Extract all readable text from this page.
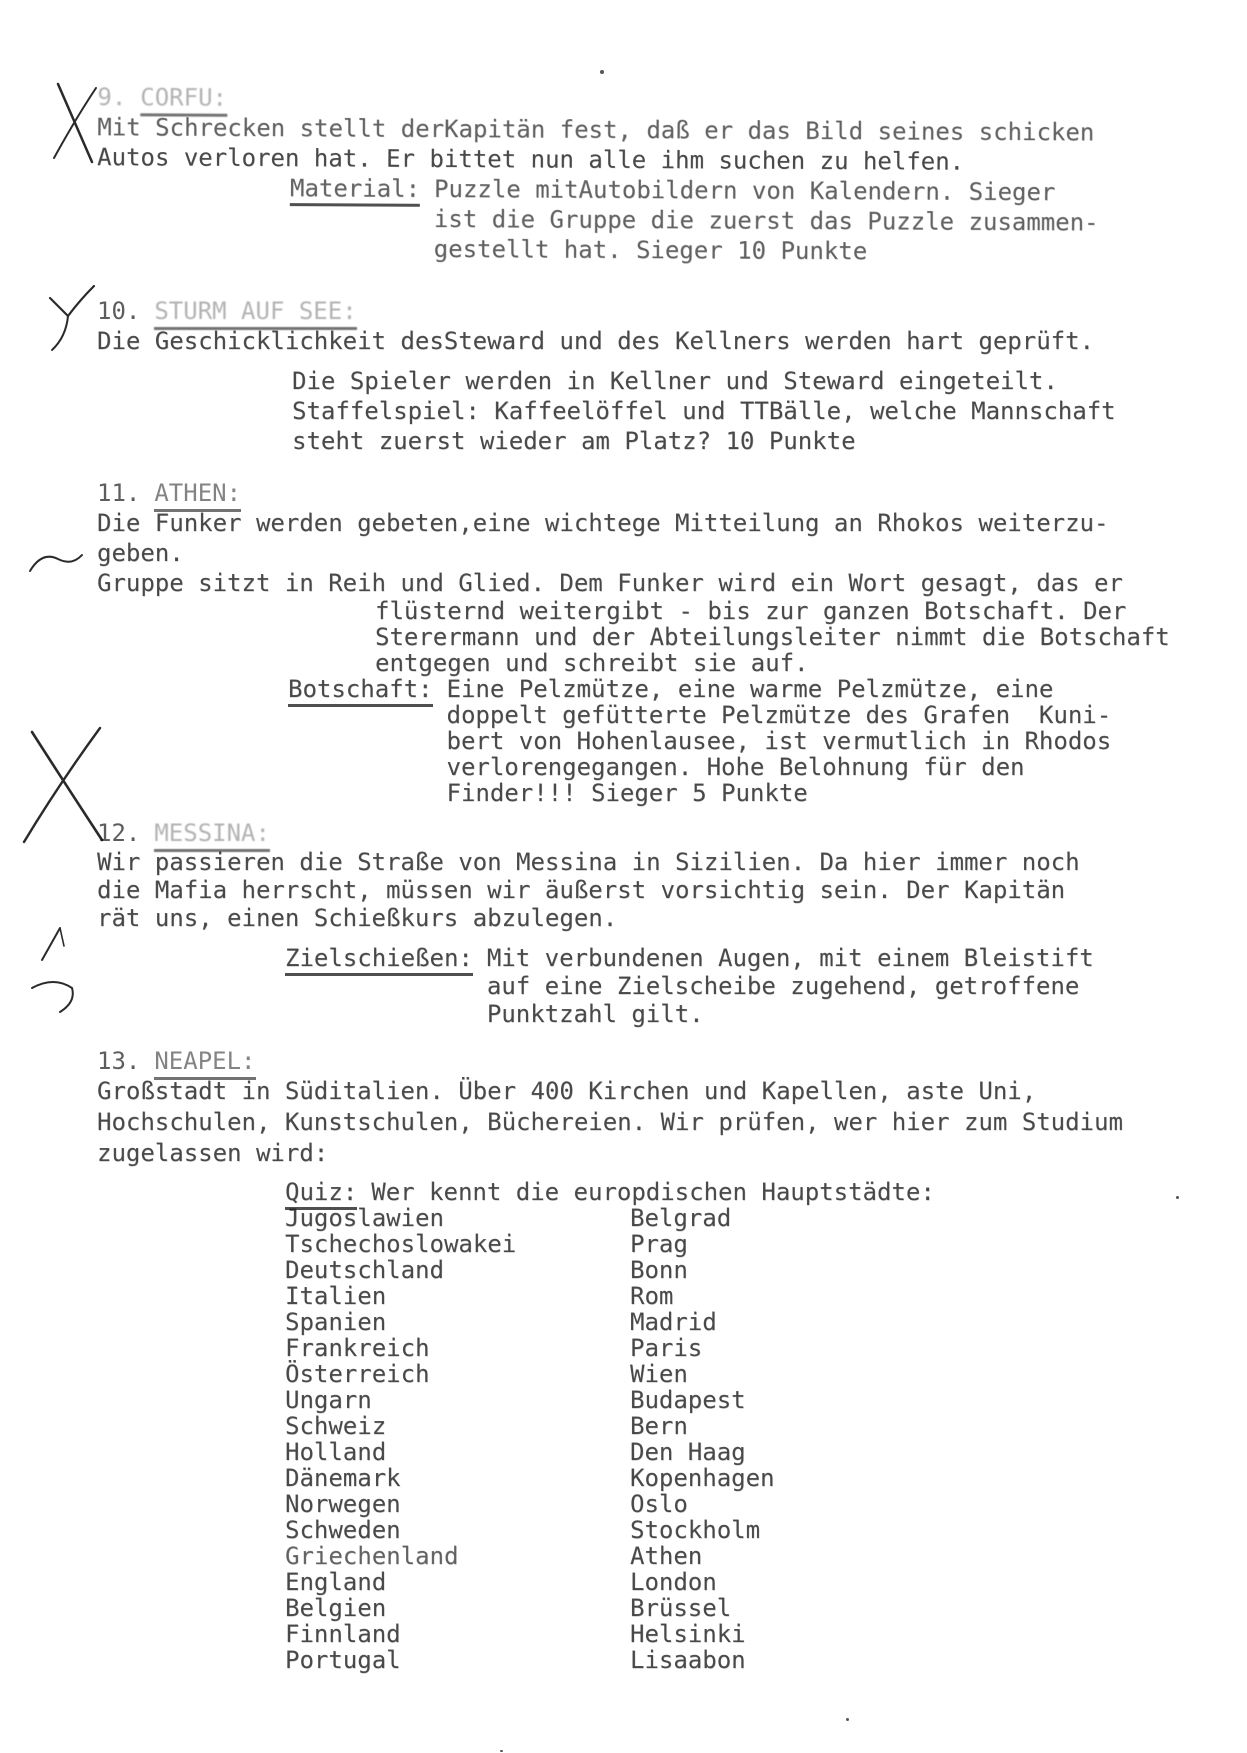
9. CORFU:
Mit Schrecken stellt derKapitän fest, daß er das Bild seines schicken
Autos verloren hat. Er bittet nun alle ihm suchen zu helfen.
Material: Puzzle mitAutobildern von Kalendern. Sieger
ist die Gruppe die zuerst das Puzzle zusammen-
gestellt hat. Sieger 10 Punkte
10. STURM AUF SEE:
Die Geschicklichkeit desSteward und des Kellners werden hart geprüft.
Die Spieler werden in Kellner und Steward eingeteilt.
Staffelspiel: Kaffeelöffel und TTBälle, welche Mannschaft
steht zuerst wieder am Platz? 10 Punkte
11. ATHEN:
Die Funker werden gebeten,eine wichtege Mitteilung an Rhokos weiterzu-
geben.
Gruppe sitzt in Reih und Glied. Dem Funker wird ein Wort gesagt, das er
flüsternd weitergibt - bis zur ganzen Botschaft. Der
Sterermann und der Abteilungsleiter nimmt die Botschaft
entgegen und schreibt sie auf.
Botschaft: Eine Pelzmütze, eine warme Pelzmütze, eine
doppelt gefütterte Pelzmütze des Grafen  Kuni-
bert von Hohenlausee, ist vermutlich in Rhodos
verlorengegangen. Hohe Belohnung für den
Finder!!! Sieger 5 Punkte
12. MESSINA:
Wir passieren die Straße von Messina in Sizilien. Da hier immer noch
die Mafia herrscht, müssen wir äußerst vorsichtig sein. Der Kapitän
rät uns, einen Schießkurs abzulegen.
Zielschießen: Mit verbundenen Augen, mit einem Bleistift
auf eine Zielscheibe zugehend, getroffene
Punktzahl gilt.
13. NEAPEL:
Großstadt in Süditalien. Über 400 Kirchen und Kapellen, aste Uni,
Hochschulen, Kunstschulen, Büchereien. Wir prüfen, wer hier zum Studium
zugelassen wird:
Quiz: Wer kennt die europdischen Hauptstädte:
Jugoslawien	Belgrad
Tschechoslowakei	Prag
Deutschland	Bonn
Italien	Rom
Spanien	Madrid
Frankreich	Paris
Österreich	Wien
Ungarn	Budapest
Schweiz	Bern
Holland	Den Haag
Dänemark	Kopenhagen
Norwegen	Oslo
Schweden	Stockholm
Griechenland	Athen
England	London
Belgien	Brüssel
Finnland	Helsinki
Portugal	Lisaabon
